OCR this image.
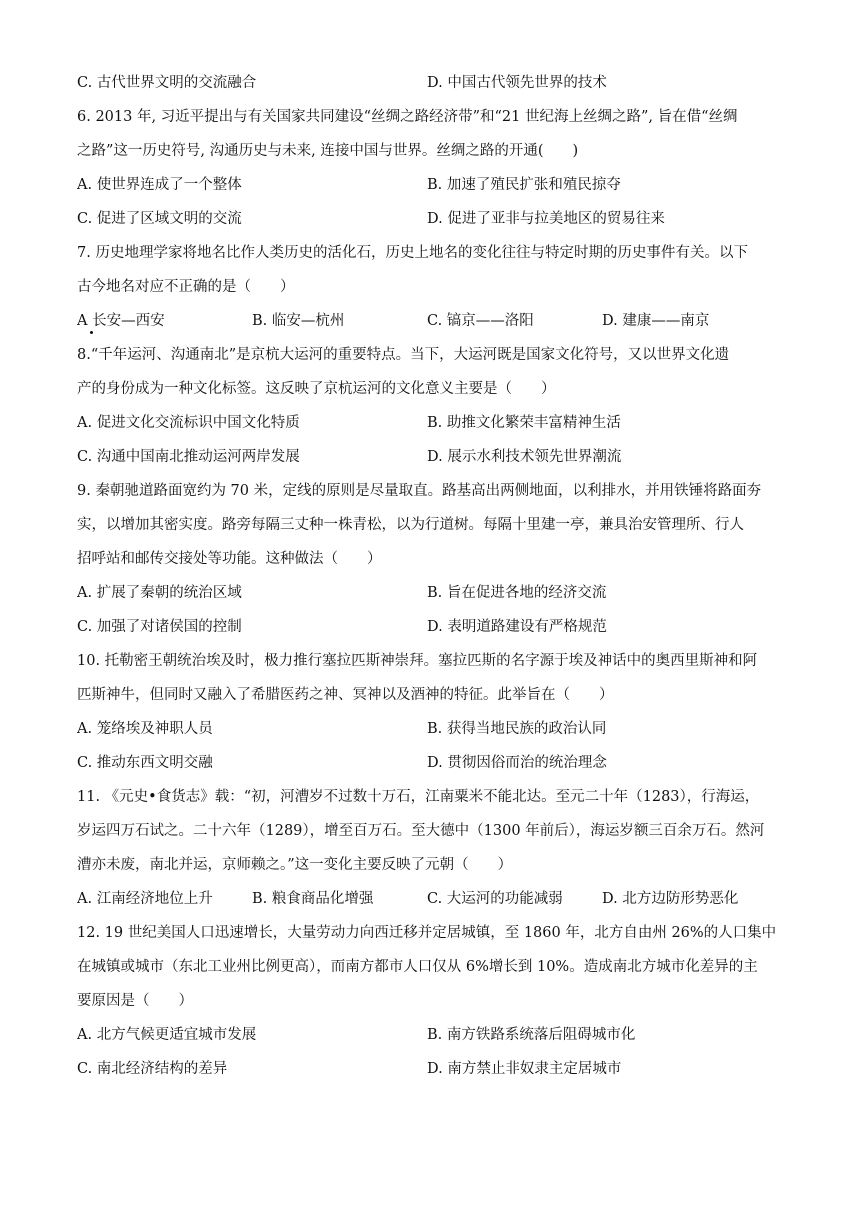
C. 古代世界文明的交流融合	D. 中国古代领先世界的技术
6. 2013 年, 习近平提出与有关国家共同建设“丝绸之路经济带”和“21 世纪海上丝绸之路”, 旨在借“丝绸
之路”这一历史符号, 沟通历史与未来, 连接中国与世界。丝绸之路的开通(　　)
A. 使世界连成了一个整体	B. 加速了殖民扩张和殖民掠夺
C. 促进了区域文明的交流	D. 促进了亚非与拉美地区的贸易往来
7. 历史地理学家将地名比作人类历史的活化石，历史上地名的变化往往与特定时期的历史事件有关。以下
古今地名对应不正确的是（　　）
A 长安—西安	B. 临安—杭州	C. 镐京——洛阳	D. 建康——南京
8.“千年运河、沟通南北”是京杭大运河的重要特点。当下，大运河既是国家文化符号，又以世界文化遗
产的身份成为一种文化标签。这反映了京杭运河的文化意义主要是（　　）
A. 促进文化交流标识中国文化特质	B. 助推文化繁荣丰富精神生活
C. 沟通中国南北推动运河两岸发展	D. 展示水利技术领先世界潮流
9. 秦朝驰道路面宽约为 70 米，定线的原则是尽量取直。路基高出两侧地面，以利排水，并用铁锤将路面夯
实，以增加其密实度。路旁每隔三丈种一株青松，以为行道树。每隔十里建一亭，兼具治安管理所、行人
招呼站和邮传交接处等功能。这种做法（　　）
A. 扩展了秦朝的统治区域	B. 旨在促进各地的经济交流
C. 加强了对诸侯国的控制	D. 表明道路建设有严格规范
10. 托勒密王朝统治埃及时，极力推行塞拉匹斯神崇拜。塞拉匹斯的名字源于埃及神话中的奥西里斯神和阿
匹斯神牛，但同时又融入了希腊医药之神、冥神以及酒神的特征。此举旨在（　　）
A. 笼络埃及神职人员	B. 获得当地民族的政治认同
C. 推动东西文明交融	D. 贯彻因俗而治的统治理念
11. 《元史•食货志》载：“初，河漕岁不过数十万石，江南粟米不能北达。至元二十年（1283），行海运，
岁运四万石试之。二十六年（1289），增至百万石。至大德中（1300 年前后），海运岁额三百余万石。然河
漕亦未废，南北并运，京师赖之。”这一变化主要反映了元朝（　　）
A. 江南经济地位上升	B. 粮食商品化增强	C. 大运河的功能减弱	D. 北方边防形势恶化
12. 19 世纪美国人口迅速增长，大量劳动力向西迁移并定居城镇，至 1860 年，北方自由州 26%的人口集中
在城镇或城市（东北工业州比例更高），而南方都市人口仅从 6%增长到 10%。造成南北方城市化差异的主
要原因是（　　）
A. 北方气候更适宜城市发展	B. 南方铁路系统落后阻碍城市化
C. 南北经济结构的差异	D. 南方禁止非奴隶主定居城市
